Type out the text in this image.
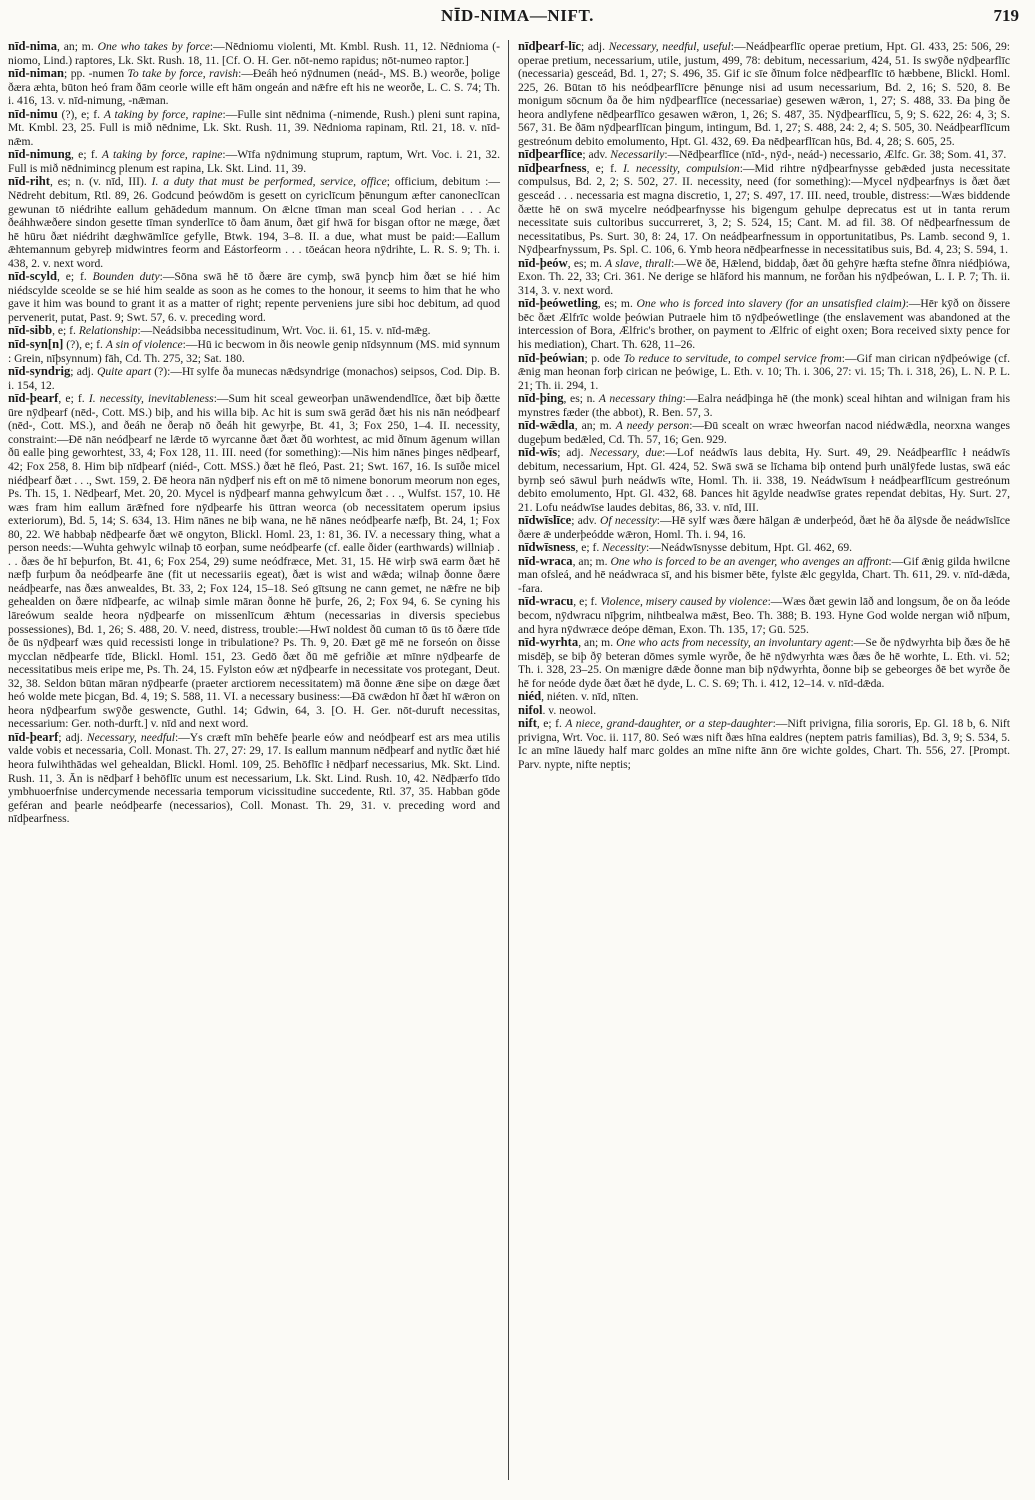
NĪD-NIMA—NIFT.	719

nīd-nima, an; m. One who takes by force:—Nēdniomu violenti, Mt. Kmbl. Rush. 11, 12. Nēdnioma (-niomo, Lind.) raptores, Lk. Skt. Rush. 18, 11. [Cf. O. H. Ger. nōt-nemo rapidus; nōt-numeo raptor.]

nīd-niman; pp. -numen To take by force, ravish:—Ðeáh heó nȳdnumen (neád-, MS. B.) weorðe, þolige ðæra æhta, būton heó fram ðām ceorle wille eft hām ongeán and nǣfre eft his ne weorðe, L. C. S. 74; Th. i. 416, 13. v. nīd-nimung, -nǣman.

nīd-nimu (?), e; f. A taking by force, rapine:—Fulle sint nēdnima (-nimende, Rush.) pleni sunt rapina, Mt. Kmbl. 23, 25. Full is mið nēdnime, Lk. Skt. Rush. 11, 39. Nēdnioma rapinam, Rtl. 21, 18. v. nīd-nǣm.

nīd-nimung, e; f. A taking by force, rapine:—Wīfa nȳdnimung stuprum, raptum, Wrt. Voc. i. 21, 32. Full is mið nēdnimincg plenum est rapina, Lk. Skt. Lind. 11, 39.

nīd-riht, es; n. (v. nīd, III). I. a duty that must be performed, service, office; officium, debitum :—Nēdreht debitum, Rtl. 89, 26. Godcund þeówdōm is gesett on cyriclīcum þēnungum æfter canoneclīcan gewunan tō niédrihte eallum gehādedum mannum. On ǣlcne tīman man sceal God herian . . . Ac ðeáhhwæðere sindon gesette tīman synderlīce tō ðam ānum, ðæt gif hwā for bisgan oftor ne mæge, ðæt hē hūru ðæt niédriht dæghwāmlīce gefylle, Btwk. 194, 3–8. II. a due, what must be paid:—Eallum ǣhtemannum gebyreþ midwintres feorm and Eástorfeorm . . . tōeácan heora nȳdrihte, L. R. S. 9; Th. i. 438, 2. v. next word.

nīd-scyld, e; f. Bounden duty:—Sōna swā hē tō ðære āre cymþ, swā þyncþ him ðæt se hié him niédscylde sceolde se se hié him sealde as soon as he comes to the honour, it seems to him that he who gave it him was bound to grant it as a matter of right; repente perveniens jure sibi hoc debitum, ad quod pervenerit, putat, Past. 9; Swt. 57, 6. v. preceding word.

nīd-sibb, e; f. Relationship:—Neádsibba necessitudinum, Wrt. Voc. ii. 61, 15. v. nīd-mǣg.

nīd-syn[n] (?), e; f. A sin of violence:—Hū ic becwom in ðis neowle genip nīdsynnum (MS. mid synnum : Grein, nīþsynnum) fāh, Cd. Th. 275, 32; Sat. 180.

nīd-syndrig; adj. Quite apart (?):—Hī sylfe ða munecas nǣdsyndrige (monachos) seipsos, Cod. Dip. B. i. 154, 12.

nīd-þearf, e; f. I. necessity, inevitableness:—Sum hit sceal geweorþan unāwendendlīce, ðæt biþ ðætte ūre nȳdþearf (nēd-, Cott. MS.) biþ, and his willa biþ. Ac hit is sum swā gerād ðæt his nis nān neódþearf (nēd-, Cott. MS.), and ðeáh ne ðeraþ nō ðeáh hit gewyrþe, Bt. 41, 3; Fox 250, 1–4. II. necessity, constraint:—Ðē nān neódþearf ne lǣrde tō wyrcanne ðæt ðæt ðū worhtest, ac mid ðīnum āgenum willan ðū ealle þing geworhtest, 33, 4; Fox 128, 11. III. need (for something):—Nis him nānes þinges nēdþearf, 42; Fox 258, 8. Him biþ nīdþearf (niéd-, Cott. MSS.) ðæt hē fleó, Past. 21; Swt. 167, 16. Is suīðe micel niédþearf ðæt . . ., Swt. 159, 2. Ðē heora nān nȳdþerf nis eft on mē tō nimene bonorum meorum non eges, Ps. Th. 15, 1. Nēdþearf, Met. 20, 20. Mycel is nȳdþearf manna gehwylcum ðæt . . ., Wulfst. 157, 10. Hē wæs fram him eallum ārǣfned fore nȳdþearfe his ūttran weorca (ob necessitatem operum ipsius exteriorum), Bd. 5, 14; S. 634, 13. Him nānes ne biþ wana, ne hē nānes neódþearfe næfþ, Bt. 24, 1; Fox 80, 22. Wē habbaþ nēdþearfe ðæt wē ongyton, Blickl. Homl. 23, 1: 81, 36. IV. a necessary thing, what a person needs:—Wuhta gehwylc wilnaþ tō eorþan, sume neódþearfe (cf. ealle ðider (earthwards) willniaþ . . . ðæs ðe hī beþurfon, Bt. 41, 6; Fox 254, 29) sume neódfræce, Met. 31, 15. Hē wirþ swā earm ðæt hē næfþ furþum ða neódþearfe āne (fit ut necessariis egeat), ðæt is wist and wǣda; wilnaþ ðonne ðære neádþearfe, nas ðæs anwealdes, Bt. 33, 2; Fox 124, 15–18. Seó gītsung ne cann gemet, ne nǣfre ne biþ gehealden on ðære nīdþearfe, ac wilnaþ simle māran ðonne hē þurfe, 26, 2; Fox 94, 6. Se cyning his lāreówum sealde heora nȳdþearfe on missenlīcum ǣhtum (necessarias in diversis speciebus possessiones), Bd. 1, 26; S. 488, 20. V. need, distress, trouble:—Hwī noldest ðū cuman tō ūs tō ðære tīde ðe ūs nȳdþearf wæs quid recessisti longe in tribulatione? Ps. Th. 9, 20. Ðæt gē mē ne forseón on ðisse mycclan nēdþearfe tīde, Blickl. Homl. 151, 23. Gedō ðæt ðū mē gefriðie æt mīnre nȳdþearfe de necessitatibus meis eripe me, Ps. Th. 24, 15. Fylston eów æt nȳdþearfe in necessitate vos protegant, Deut. 32, 38. Seldon būtan māran nȳdþearfe (praeter arctiorem necessitatem) mā ðonne ǣne siþe on dæge ðæt heó wolde mete þicgan, Bd. 4, 19; S. 588, 11. VI. a necessary business:—Ðā cwǣdon hī ðæt hī wǣron on heora nȳdþearfum swȳðe geswencte, Guthl. 14; Gdwin, 64, 3. [O. H. Ger. nōt-duruft necessitas, necessarium: Ger. noth-durft.] v. nīd and next word.

nīd-þearf; adj. Necessary, needful:—Ys cræft mīn behēfe þearle eów and neódþearf est ars mea utilis valde vobis et necessaria, Coll. Monast. Th. 27, 27: 29, 17. Is eallum mannum nēdþearf and nytlīc ðæt hié heora fulwihthādas wel gehealdan, Blickl. Homl. 109, 25. Behōflīc ł nēdþarf necessarius, Mk. Skt. Lind. Rush. 11, 3. Ān is nēdþarf ł behōflīc unum est necessarium, Lk. Skt. Lind. Rush. 10, 42. Nēdþærfo tīdo ymbhuoerfnise undercymende necessaria temporum vicissitudine succedente, Rtl. 37, 35. Habban gōde geféran and þearle neódþearfe (necessarios), Coll. Monast. Th. 29, 31. v. preceding word and nīdþearfness.

nīdþearf-līc; adj. Necessary, needful, useful:—Neádþearflīc operae pretium, Hpt. Gl. 433, 25: 506, 29: operae pretium, necessarium, utile, justum, 499, 78: debitum, necessarium, 424, 51. Is swȳðe nȳdþearflīc (necessaria) gesceád, Bd. 1, 27; S. 496, 35. Gif ic sīe ðīnum folce nēdþearflīc tō hæbbene, Blickl. Homl. 225, 26. Būtan tō his neódþearflīcre þēnunge nisi ad usum necessarium, Bd. 2, 16; S. 520, 8. Be monigum sōcnum ða ðe him nȳdþearflīce (necessariae) gesewen wǣron, 1, 27; S. 488, 33. Ða þing ðe heora andlyfene nēdþearflīco gesawen wǣron, 1, 26; S. 487, 35. Nȳdþearflīcu, 5, 9; S. 622, 26: 4, 3; S. 567, 31. Be ðām nȳdþearflīcan þingum, intingum, Bd. 1, 27; S. 488, 24: 2, 4; S. 505, 30. Neádþearflīcum gestreónum debito emolumento, Hpt. Gl. 432, 69. Ða nēdþearflīcan hūs, Bd. 4, 28; S. 605, 25.

nīdþearflīce; adv. Necessarily:—Nēdþearflīce (nīd-, nȳd-, neád-) necessario, Ælfc. Gr. 38; Som. 41, 37.

nīdþearfness, e; f. I. necessity, compulsion:—Mid rihtre nȳdþearfnysse gebǣded justa necessitate compulsus, Bd. 2, 2; S. 502, 27. II. necessity, need (for something):—Mycel nȳdþearfnys is ðæt ðæt gesceád . . . necessaria est magna discretio, 1, 27; S. 497, 17. III. need, trouble, distress:—Wæs biddende ðætte hē on swā mycelre neódþearfnysse his bigengum gehulpe deprecatus est ut in tanta rerum necessitate suis cultoribus succurreret, 3, 2; S. 524, 15; Cant. M. ad fil. 38. Of nēdþearfnessum de necessitatibus, Ps. Surt. 30, 8: 24, 17. On neádþearfnessum in opportunitatibus, Ps. Lamb. second 9, 1. Nȳdþearfnyssum, Ps. Spl. C. 106, 6. Ymb heora nēdþearfnesse in necessitatibus suis, Bd. 4, 23; S. 594, 1.

nīd-þeów, es; m. A slave, thrall:—Wē ðē, Hǣlend, biddaþ, ðæt ðū gehȳre hæfta stefne ðīnra niédþiówa, Exon. Th. 22, 33; Cri. 361. Ne derige se hlāford his mannum, ne forðan his nȳdþeówan, L. I. P. 7; Th. ii. 314, 3. v. next word.

nīd-þeówetling, es; m. One who is forced into slavery (for an unsatisfied claim):—Hēr kȳð on ðissere bēc ðæt Ælfrīc wolde þeówian Putraele him tō nȳdþeówetlinge (the enslavement was abandoned at the intercession of Bora, Ælfric's brother, on payment to Ælfric of eight oxen; Bora received sixty pence for his mediation), Chart. Th. 628, 11–26.

nīd-þeówian; p. ode To reduce to servitude, to compel service from:—Gif man cirican nȳdþeówige (cf. ǣnig man heonan forþ cirican ne þeówige, L. Eth. v. 10; Th. i. 306, 27: vi. 15; Th. i. 318, 26), L. N. P. L. 21; Th. ii. 294, 1.

nīd-þing, es; n. A necessary thing:—Ealra neádþinga hē (the monk) sceal hihtan and wilnigan fram his mynstres fæder (the abbot), R. Ben. 57, 3.

nīd-wǣdla, an; m. A needy person:—Ðū scealt on wræc hweorfan nacod niédwǣdla, neorxna wanges dugeþum bedǣled, Cd. Th. 57, 16; Gen. 929.

nīd-wīs; adj. Necessary, due:—Lof neádwīs laus debita, Hy. Surt. 49, 29. Neádþearflīc ł neádwīs debitum, necessarium, Hpt. Gl. 424, 52. Swā swā se līchama biþ ontend þurh unālȳfede lustas, swā eác byrnþ seó sāwul þurh neádwīs wīte, Homl. Th. ii. 338, 19. Neádwīsum ł neádþearflīcum gestreónum debito emolumento, Hpt. Gl. 432, 68. Þances hit āgylde neadwīse grates rependat debitas, Hy. Surt. 27, 21. Lofu neádwīse laudes debitas, 86, 33. v. nīd, III.

nīdwīslīce; adv. Of necessity:—Hē sylf wæs ðære hālgan ǣ underþeód, ðæt hē ða ālȳsde ðe neádwīslīce ðære ǣ underþeódde wǣron, Homl. Th. i. 94, 16.

nīdwīsness, e; f. Necessity:—Neádwīsnysse debitum, Hpt. Gl. 462, 69.

nīd-wraca, an; m. One who is forced to be an avenger, who avenges an affront:—Gif ǣnig gilda hwilcne man ofsleá, and hē neádwraca sī, and his bismer bēte, fylste ǣlc gegylda, Chart. Th. 611, 29. v. nīd-dǣda, -fara.

nīd-wracu, e; f. Violence, misery caused by violence:—Wæs ðæt gewin lāð and longsum, ðe on ða leóde becom, nȳdwracu nīþgrim, nihtbealwa mǣst, Beo. Th. 388; B. 193. Hyne God wolde nergan wið nīþum, and hyra nȳdwræce deópe dēman, Exon. Th. 135, 17; Gū. 525.

nīd-wyrhta, an; m. One who acts from necessity, an involuntary agent:—Se ðe nȳdwyrhta biþ ðæs ðe hē misdēþ, se biþ ðȳ beteran dōmes symle wyrðe, ðe hē nȳdwyrhta wæs ðæs ðe hē worhte, L. Eth. vi. 52; Th. i. 328, 23–25. On mænigre dǣde ðonne man biþ nȳdwyrhta, ðonne biþ se gebeorges ðē bet wyrðe ðe hē for neóde dyde ðæt ðæt hē dyde, L. C. S. 69; Th. i. 412, 12–14. v. nīd-dǣda.

niéd, niéten. v. nīd, nīten.

nifol. v. neowol.

nift, e; f. A niece, grand-daughter, or a step-daughter:—Nift privigna, filia sororis, Ep. Gl. 18 b, 6. Nift privigna, Wrt. Voc. ii. 117, 80. Seó wæs nift ðæs hīna ealdres (neptem patris familias), Bd. 3, 9; S. 534, 5. Ic an mīne lāuedy half marc goldes an mīne nifte ānn ōre wichte goldes, Chart. Th. 556, 27. [Prompt. Parv. nypte, nifte neptis;
